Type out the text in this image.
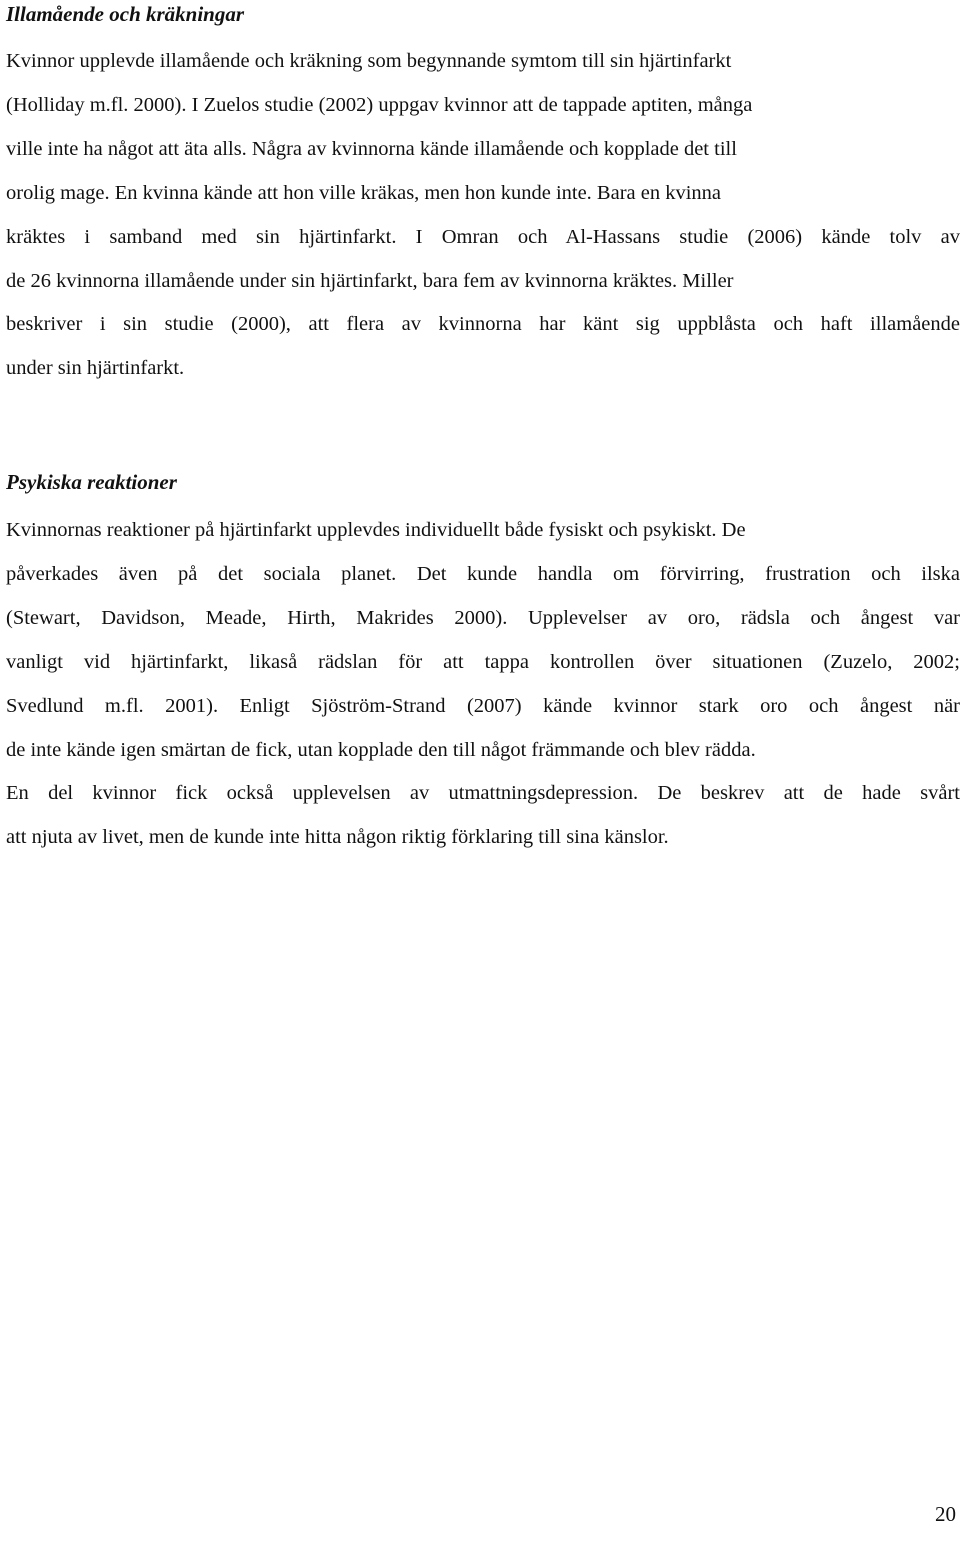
Illamående och kräkningar
Kvinnor upplevde illamående och kräkning som begynnande symtom till sin hjärtinfarkt
(Holliday m.fl. 2000). I Zuelos studie (2002) uppgav kvinnor att de tappade aptiten, många
ville inte ha något att äta alls. Några av kvinnorna kände illamående och kopplade det till
orolig mage. En kvinna kände att hon ville kräkas, men hon kunde inte. Bara en kvinna
kräktes i samband med sin hjärtinfarkt. I Omran och Al-Hassans studie (2006) kände tolv av
de 26 kvinnorna illamående under sin hjärtinfarkt, bara fem av kvinnorna kräktes. Miller
beskriver i sin studie (2000), att flera av kvinnorna har känt sig uppblåsta och haft illamående
under sin hjärtinfarkt.
Psykiska reaktioner
Kvinnornas reaktioner på hjärtinfarkt upplevdes individuellt både fysiskt och psykiskt. De
påverkades även på det sociala planet. Det kunde handla om förvirring, frustration och ilska
(Stewart, Davidson, Meade, Hirth, Makrides 2000). Upplevelser av oro, rädsla och ångest var
vanligt vid hjärtinfarkt, likaså rädslan för att tappa kontrollen över situationen (Zuzelo, 2002;
Svedlund m.fl. 2001). Enligt Sjöström-Strand (2007) kände kvinnor stark oro och ångest när
de inte kände igen smärtan de fick, utan kopplade den till något främmande och blev rädda.
En del kvinnor fick också upplevelsen av utmattningsdepression. De beskrev att de hade svårt
att njuta av livet, men de kunde inte hitta någon riktig förklaring till sina känslor.
20
